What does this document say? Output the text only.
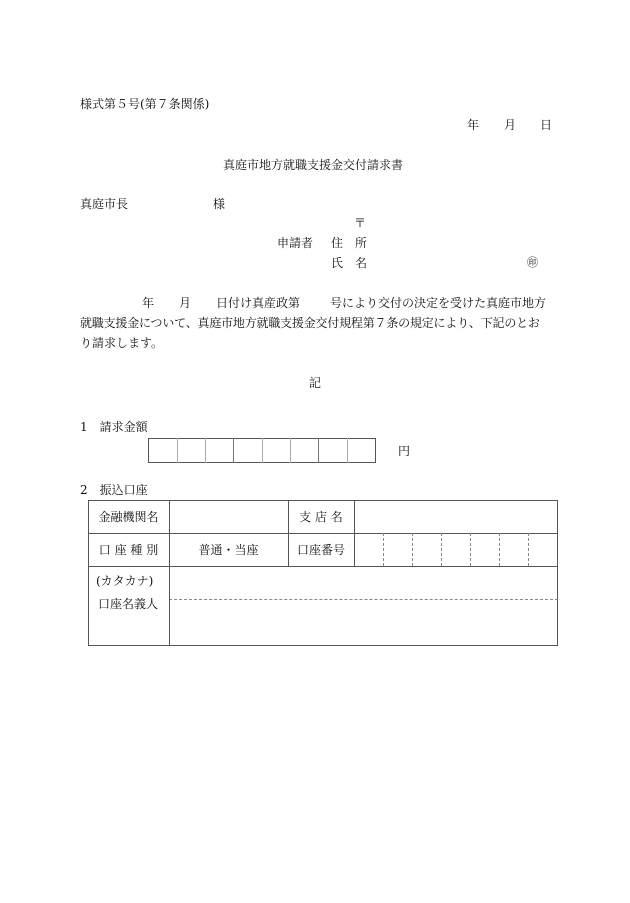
様式第５号(第７条関係)
年 月 日
真庭市地方就職支援金交付請求書
真庭市長	様
〒
申請者 住 所
氏 名	㊞
年 月 日付け真産政第 号により交付の決定を受けた真庭市地方
就職支援金について、真庭市地方就職支援金交付規程第７条の規定により、下記のとお
り請求します。
記
1　請求金額
円
2　振込口座
金融機関名	支 店 名
口 座 種 別	普通・当座	口座番号
(カタカナ)
口座名義人
